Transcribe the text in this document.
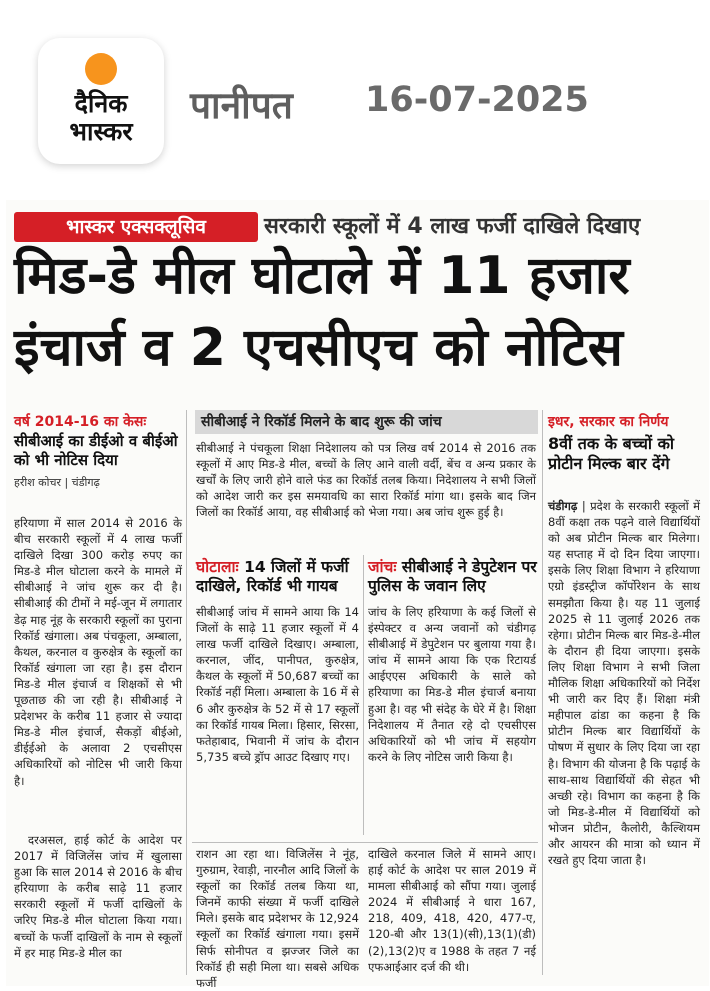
दैनिक
भास्कर
पानीपत 16-07-2025
भास्कर एक्सक्लूसिव	सरकारी स्कूलों में 4 लाख फर्जी दाखिले दिखाए
मिड-डे मील घोटाले में 11 हजार
इंचार्ज व 2 एचसीएच को नोटिस
वर्ष 2014-16 का केसः
सीबीआई का डीईओ व बीईओ को भी नोटिस दिया
हरीश कोचर | चंडीगढ़
हरियाणा में साल 2014 से 2016 के बीच सरकारी स्कूलों में 4 लाख फर्जी दाखिले दिखा 300 करोड़ रुपए का मिड-डे मील घोटाला करने के मामले में सीबीआई ने जांच शुरू कर दी है। सीबीआई की टीमों ने मई-जून में लगातार डेढ़ माह नूंह के सरकारी स्कूलों का पुराना रिकॉर्ड खंगाला। अब पंचकूला, अम्बाला, कैथल, करनाल व कुरुक्षेत्र के स्कूलों का रिकॉर्ड खंगाला जा रहा है। इस दौरान मिड-डे मील इंचार्ज व शिक्षकों से भी पूछताछ की जा रही है। सीबीआई ने प्रदेशभर के करीब 11 हजार से ज्यादा मिड-डे मील इंचार्ज, सैकड़ों बीईओ, डीईईओ के अलावा 2 एचसीएस अधिकारियों को नोटिस भी जारी किया है।
दरअसल, हाई कोर्ट के आदेश पर 2017 में विजिलेंस जांच में खुलासा हुआ कि साल 2014 से 2016 के बीच हरियाणा के करीब साढ़े 11 हजार सरकारी स्कूलों में फर्जी दाखिलों के जरिए मिड-डे मील घोटाला किया गया। बच्चों के फर्जी दाखिलों के नाम से स्कूलों में हर माह मिड-डे मील का
सीबीआई ने रिकॉर्ड मिलने के बाद शुरू की जांच
सीबीआई ने पंचकूला शिक्षा निदेशालय को पत्र लिख वर्ष 2014 से 2016 तक स्कूलों में आए मिड-डे मील, बच्चों के लिए आने वाली वर्दी, बेंच व अन्य प्रकार के खर्चों के लिए जारी होने वाले फंड का रिकॉर्ड तलब किया। निदेशालय ने सभी जिलों को आदेश जारी कर इस समयावधि का सारा रिकॉर्ड मांगा था। इसके बाद जिन जिलों का रिकॉर्ड आया, वह सीबीआई को भेजा गया। अब जांच शुरू हुई है।
घोटालाः 14 जिलों में फर्जी दाखिले, रिकॉर्ड भी गायब
सीबीआई जांच में सामने आया कि 14 जिलों के साढ़े 11 हजार स्कूलों में 4 लाख फर्जी दाखिले दिखाए। अम्बाला, करनाल, जींद, पानीपत, कुरुक्षेत्र, कैथल के स्कूलों में 50,687 बच्चों का रिकॉर्ड नहीं मिला। अम्बाला के 16 में से 6 और कुरुक्षेत्र के 52 में से 17 स्कूलों का रिकॉर्ड गायब मिला। हिसार, सिरसा, फतेहाबाद, भिवानी में जांच के दौरान 5,735 बच्चे ड्रॉप आउट दिखाए गए।
जांचः सीबीआई ने डेपुटेशन पर पुलिस के जवान लिए
जांच के लिए हरियाणा के कई जिलों से इंस्पेक्टर व अन्य जवानों को चंडीगढ़ सीबीआई में डेपुटेशन पर बुलाया गया है। जांच में सामने आया कि एक रिटायर्ड आईएएस अधिकारी के साले को हरियाणा का मिड-डे मील इंचार्ज बनाया हुआ है। वह भी संदेह के घेरे में है। शिक्षा निदेशालय में तैनात रहे दो एचसीएस अधिकारियों को भी जांच में सहयोग करने के लिए नोटिस जारी किया है।
राशन आ रहा था। विजिलेंस ने नूंह, गुरुग्राम, रेवाड़ी, नारनौल आदि जिलों के स्कूलों का रिकॉर्ड तलब किया था, जिनमें काफी संख्या में फर्जी दाखिले मिले। इसके बाद प्रदेशभर के 12,924 स्कूलों का रिकॉर्ड खंगाला गया। इसमें सिर्फ सोनीपत व झज्जर जिले का रिकॉर्ड ही सही मिला था। सबसे अधिक फर्जी
दाखिले करनाल जिले में सामने आए। हाई कोर्ट के आदेश पर साल 2019 में मामला सीबीआई को सौंपा गया। जुलाई 2024 में सीबीआई ने धारा 167, 218, 409, 418, 420, 477-ए, 120-बी और 13(1)(सी),13(1)(डी)(2),13(2)ए व 1988 के तहत 7 नई एफआईआर दर्ज की थी।
इधर, सरकार का निर्णय
8वीं तक के बच्चों को प्रोटीन मिल्क बार देंगे
चंडीगढ़ | प्रदेश के सरकारी स्कूलों में 8वीं कक्षा तक पढ़ने वाले विद्यार्थियों को अब प्रोटीन मिल्क बार मिलेगा। यह सप्ताह में दो दिन दिया जाएगा। इसके लिए शिक्षा विभाग ने हरियाणा एग्रो इंडस्ट्रीज कॉर्पोरेशन के साथ समझौता किया है। यह 11 जुलाई 2025 से 11 जुलाई 2026 तक रहेगा। प्रोटीन मिल्क बार मिड-डे-मील के दौरान ही दिया जाएगा। इसके लिए शिक्षा विभाग ने सभी जिला मौलिक शिक्षा अधिकारियों को निर्देश भी जारी कर दिए हैं। शिक्षा मंत्री महीपाल ढांडा का कहना है कि प्रोटीन मिल्क बार विद्यार्थियों के पोषण में सुधार के लिए दिया जा रहा है। विभाग की योजना है कि पढ़ाई के साथ-साथ विद्यार्थियों की सेहत भी अच्छी रहे। विभाग का कहना है कि जो मिड-डे-मील में विद्यार्थियों को भोजन प्रोटीन, कैलोरी, कैल्शियम और आयरन की मात्रा को ध्यान में रखते हुए दिया जाता है।
